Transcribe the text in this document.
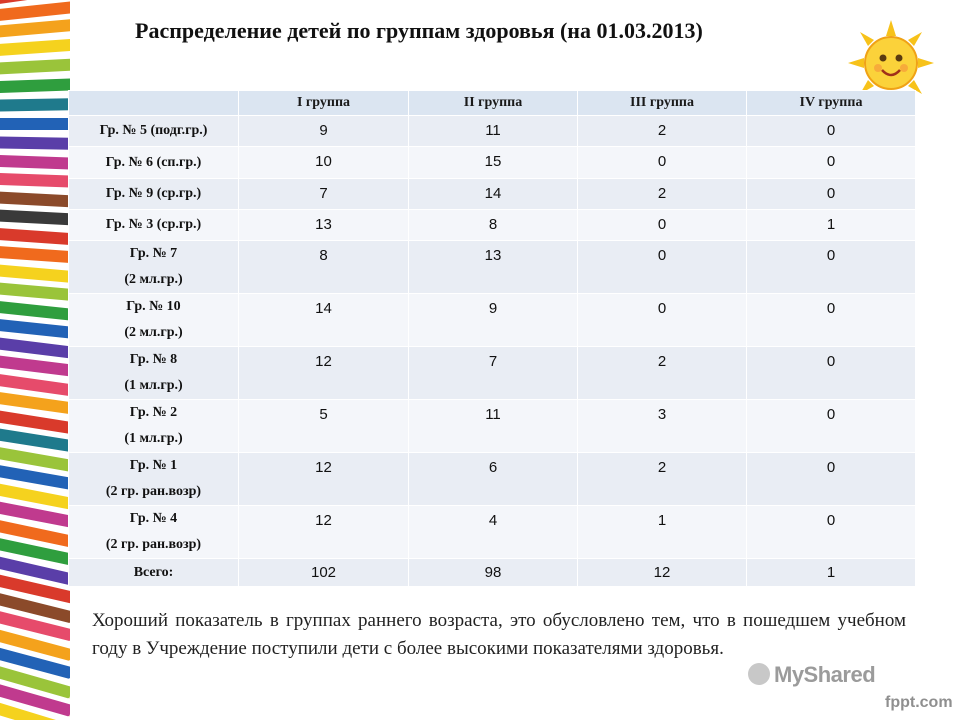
Распределение детей по группам здоровья (на 01.03.2013)
	I группа	II группа	III группа	IV группа
Гр. № 5 (подг.гр.)	9	11	2	0
Гр. № 6 (сп.гр.)	10	15	0	0
Гр. № 9 (ср.гр.)	7	14	2	0
Гр. № 3 (ср.гр.)	13	8	0	1
Гр. № 7
(2 мл.гр.)	8	13	0	0
Гр. № 10
(2 мл.гр.)	14	9	0	0
Гр. № 8
(1 мл.гр.)	12	7	2	0
Гр. № 2
(1 мл.гр.)	5	11	3	0
Гр. № 1
(2 гр. ран.возр)	12	6	2	0
Гр. № 4
(2 гр. ран.возр)	12	4	1	0
Всего:	102	98	12	1
Хороший показатель в группах раннего возраста, это обусловлено тем, что в пошедшем учебном году в Учреждение поступили дети с более высокими показателями здоровья.
MyShared
fppt.com
